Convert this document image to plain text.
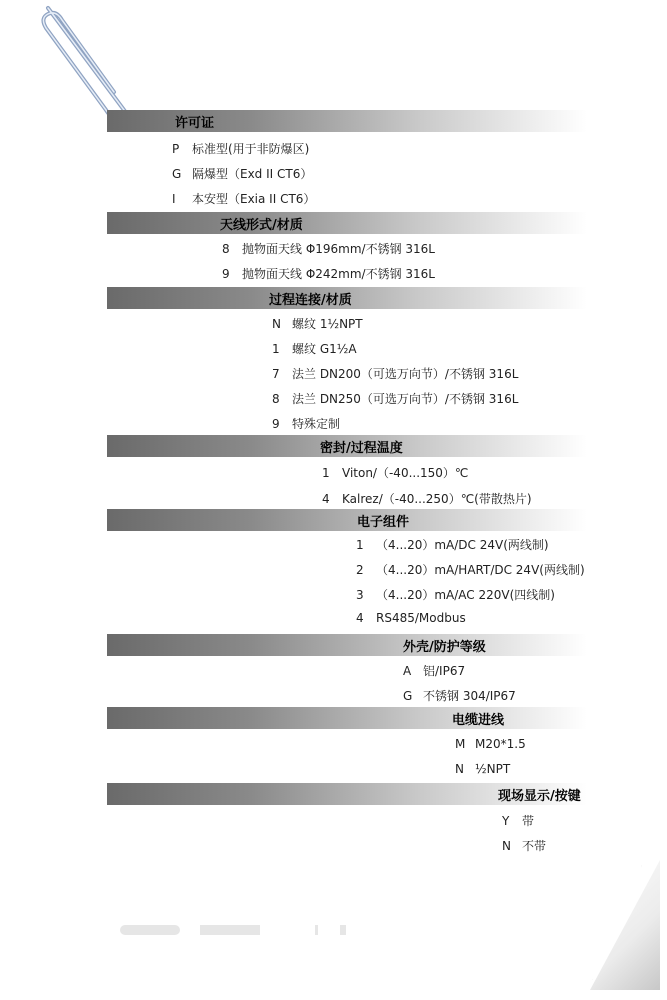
许可证
P 标准型(用于非防爆区)
G 隔爆型（Exd II CT6）
I 本安型（Exia II CT6）
天线形式/材质
8 抛物面天线 Φ196mm/不锈钢 316L
9 抛物面天线 Φ242mm/不锈钢 316L
过程连接/材质
N 螺纹 1½NPT
1 螺纹 G1½A
7 法兰 DN200（可选万向节）/不锈钢 316L
8 法兰 DN250（可选万向节）/不锈钢 316L
9 特殊定制
密封/过程温度
1 Viton/（-40...150）℃
4 Kalrez/（-40...250）℃(带散热片)
电子组件
1 （4...20）mA/DC 24V(两线制)
2 （4...20）mA/HART/DC 24V(两线制)
3 （4...20）mA/AC 220V(四线制)
4 RS485/Modbus
外壳/防护等级
A 铝/IP67
G 不锈钢 304/IP67
电缆进线
M M20*1.5
N ½NPT
现场显示/按键
Y 带
N 不带
